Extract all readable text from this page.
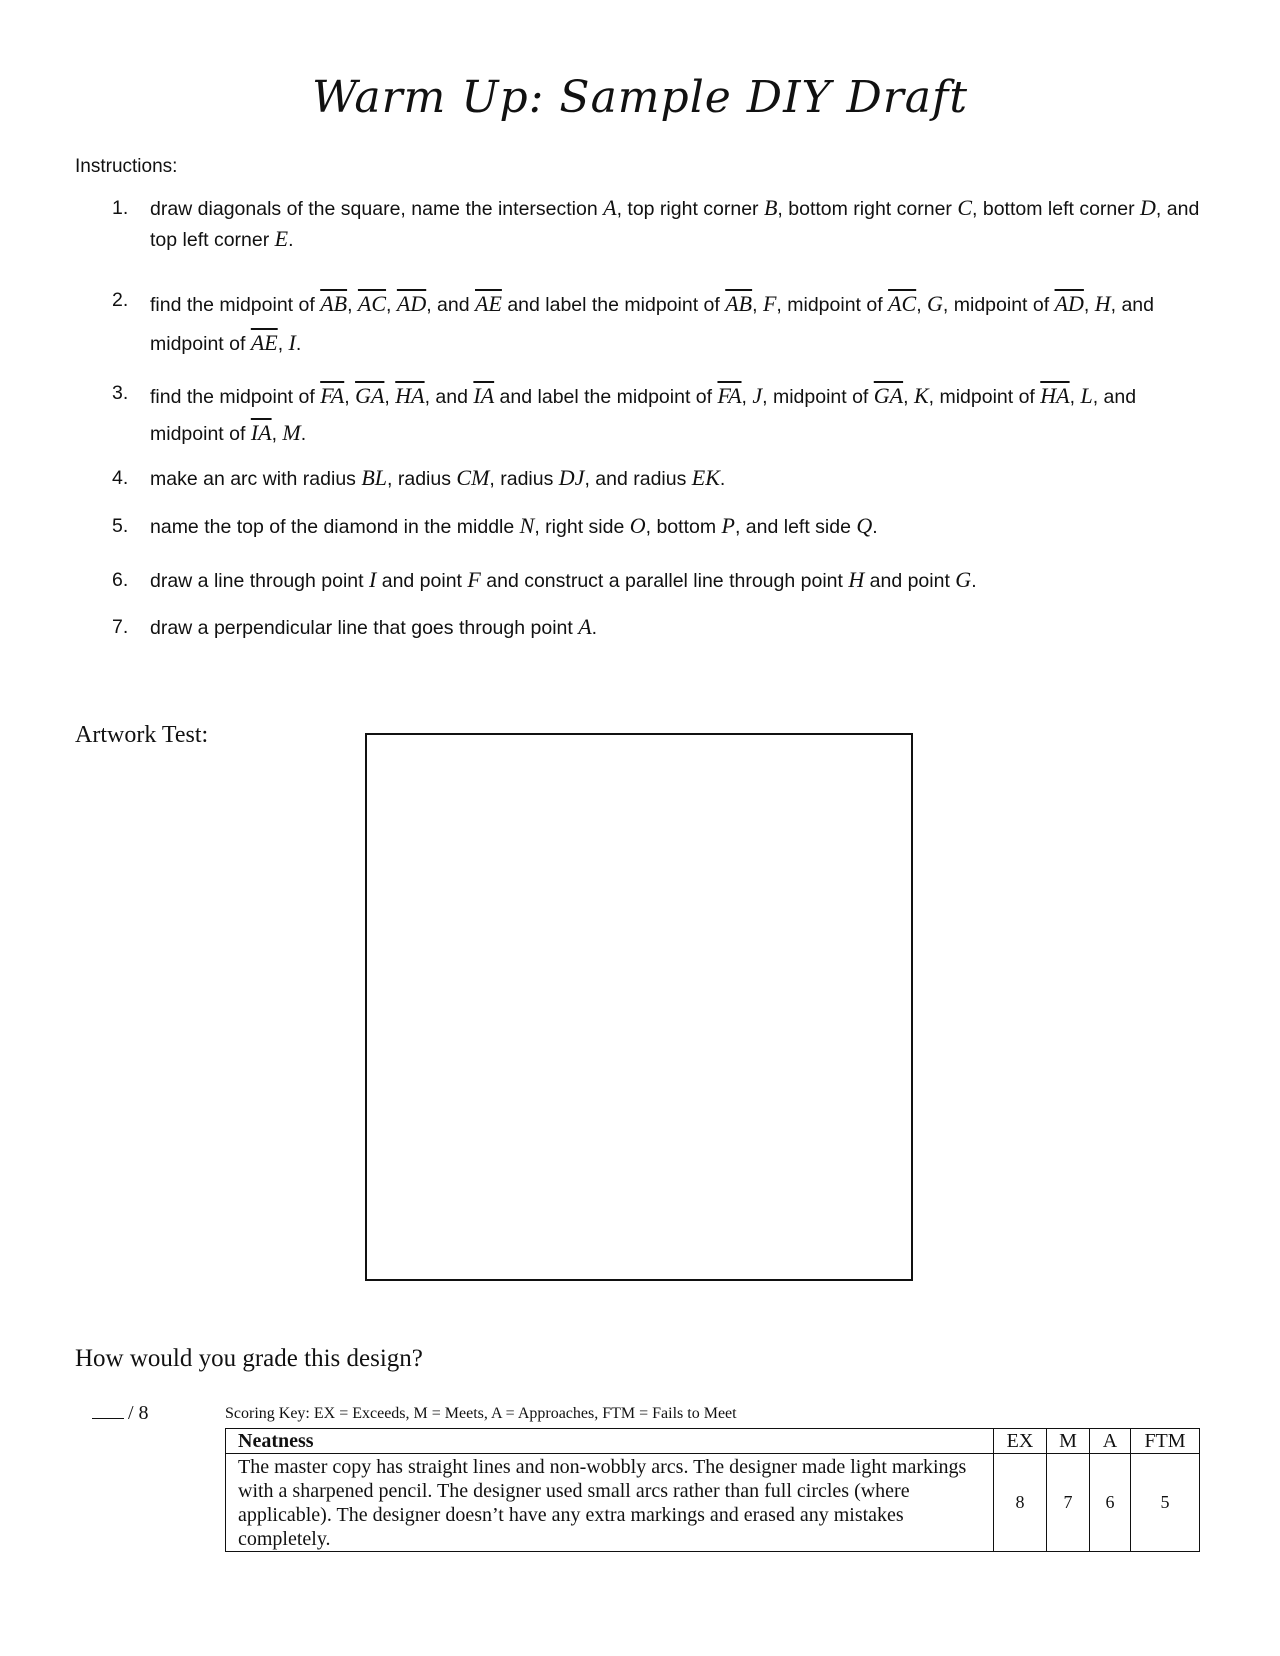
Warm Up: Sample DIY Draft
Instructions:
1.	draw diagonals of the square, name the intersection A, top right corner B, bottom right corner C, bottom left corner D, and top left corner E.
2.	find the midpoint of $\overline{AB}$, $\overline{AC}$, $\overline{AD}$, and $\overline{AE}$ and label the midpoint of $\overline{AB}$, F, midpoint of $\overline{AC}$, G, midpoint of $\overline{AD}$, H, and midpoint of $\overline{AE}$, I.
3.	find the midpoint of $\overline{FA}$, $\overline{GA}$, $\overline{HA}$, and $\overline{IA}$ and label the midpoint of $\overline{FA}$, J, midpoint of $\overline{GA}$, K, midpoint of $\overline{HA}$, L, and midpoint of $\overline{IA}$, M.
4.	make an arc with radius BL, radius CM, radius DJ, and radius EK.
5.	name the top of the diamond in the middle N, right side O, bottom P, and left side Q.
6.	draw a line through point I and point F and construct a parallel line through point H and point G.
7.	draw a perpendicular line that goes through point A.
Artwork Test:
How would you grade this design?
/ 8	Scoring Key: EX = Exceeds, M = Meets, A = Approaches, FTM = Fails to Meet
Neatness	EX	M	A	FTM
The master copy has straight lines and non-wobbly arcs. The designer made light markings with a sharpened pencil. The designer used small arcs rather than full circles (where applicable). The designer doesn’t have any extra markings and erased any mistakes completely.	8	7	6	5
